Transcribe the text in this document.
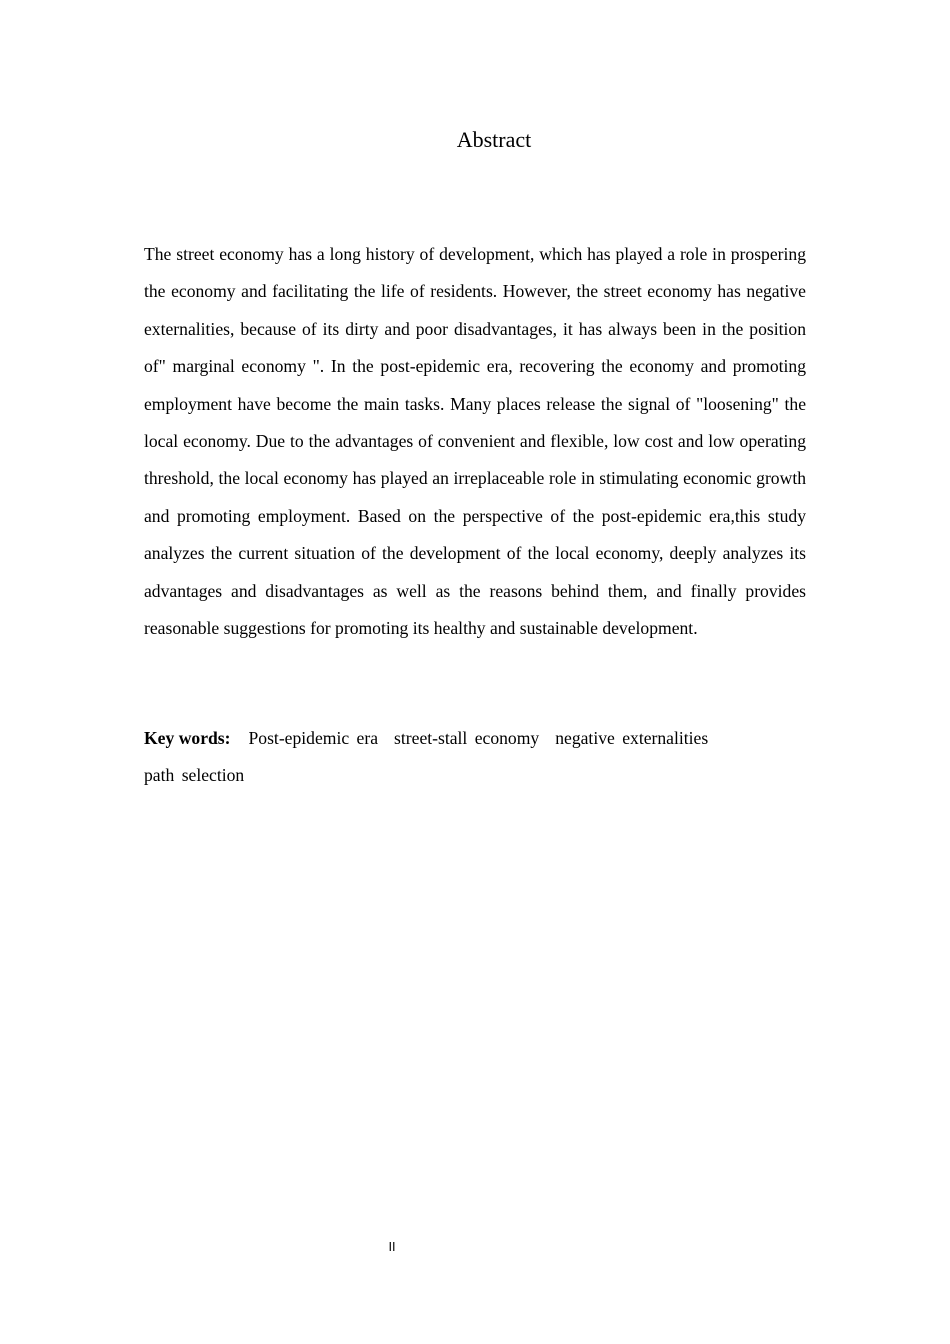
Abstract

The street economy has a long history of development, which has played a role in prospering the economy and facilitating the life of residents. However, the street economy has negative externalities, because of its dirty and poor disadvantages, it has always been in the position of" marginal economy ". In the post-epidemic era, recovering the economy and promoting employment have become the main tasks. Many places release the signal of "loosening" the local economy. Due to the advantages of convenient and flexible, low cost and low operating threshold, the local economy has played an irreplaceable role in stimulating economic growth and promoting employment. Based on the perspective of the post-epidemic era,this study analyzes the current situation of the development of the local economy, deeply analyzes its advantages and disadvantages as well as the reasons behind them, and finally provides reasonable suggestions for promoting its healthy and sustainable development.

Key words: Post-epidemic era street-stall economy negative externalities
path selection

II
